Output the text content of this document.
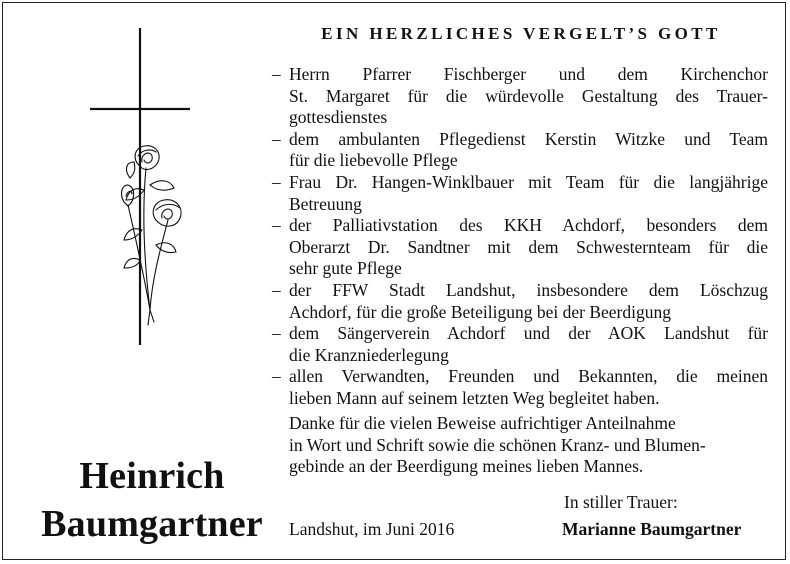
EIN HERZLICHES VERGELT’S GOTT
– Herrn Pfarrer Fischberger und dem Kirchenchor
St. Margaret für die würdevolle Gestaltung des Trauer-
gottesdienstes
– dem ambulanten Pflegedienst Kerstin Witzke und Team
für die liebevolle Pflege
– Frau Dr. Hangen-Winklbauer mit Team für die langjährige
Betreuung
– der Palliativstation des KKH Achdorf, besonders dem
Oberarzt Dr. Sandtner mit dem Schwesternteam für die
sehr gute Pflege
– der FFW Stadt Landshut, insbesondere dem Löschzug
Achdorf, für die große Beteiligung bei der Beerdigung
– dem Sängerverein Achdorf und der AOK Landshut für
die Kranzniederlegung
– allen Verwandten, Freunden und Bekannten, die meinen
lieben Mann auf seinem letzten Weg begleitet haben.
Danke für die vielen Beweise aufrichtiger Anteilnahme
in Wort und Schrift sowie die schönen Kranz- und Blumen-
gebinde an der Beerdigung meines lieben Mannes.
Heinrich
Baumgartner	Landshut, im Juni 2016
In stiller Trauer:
Marianne Baumgartner
